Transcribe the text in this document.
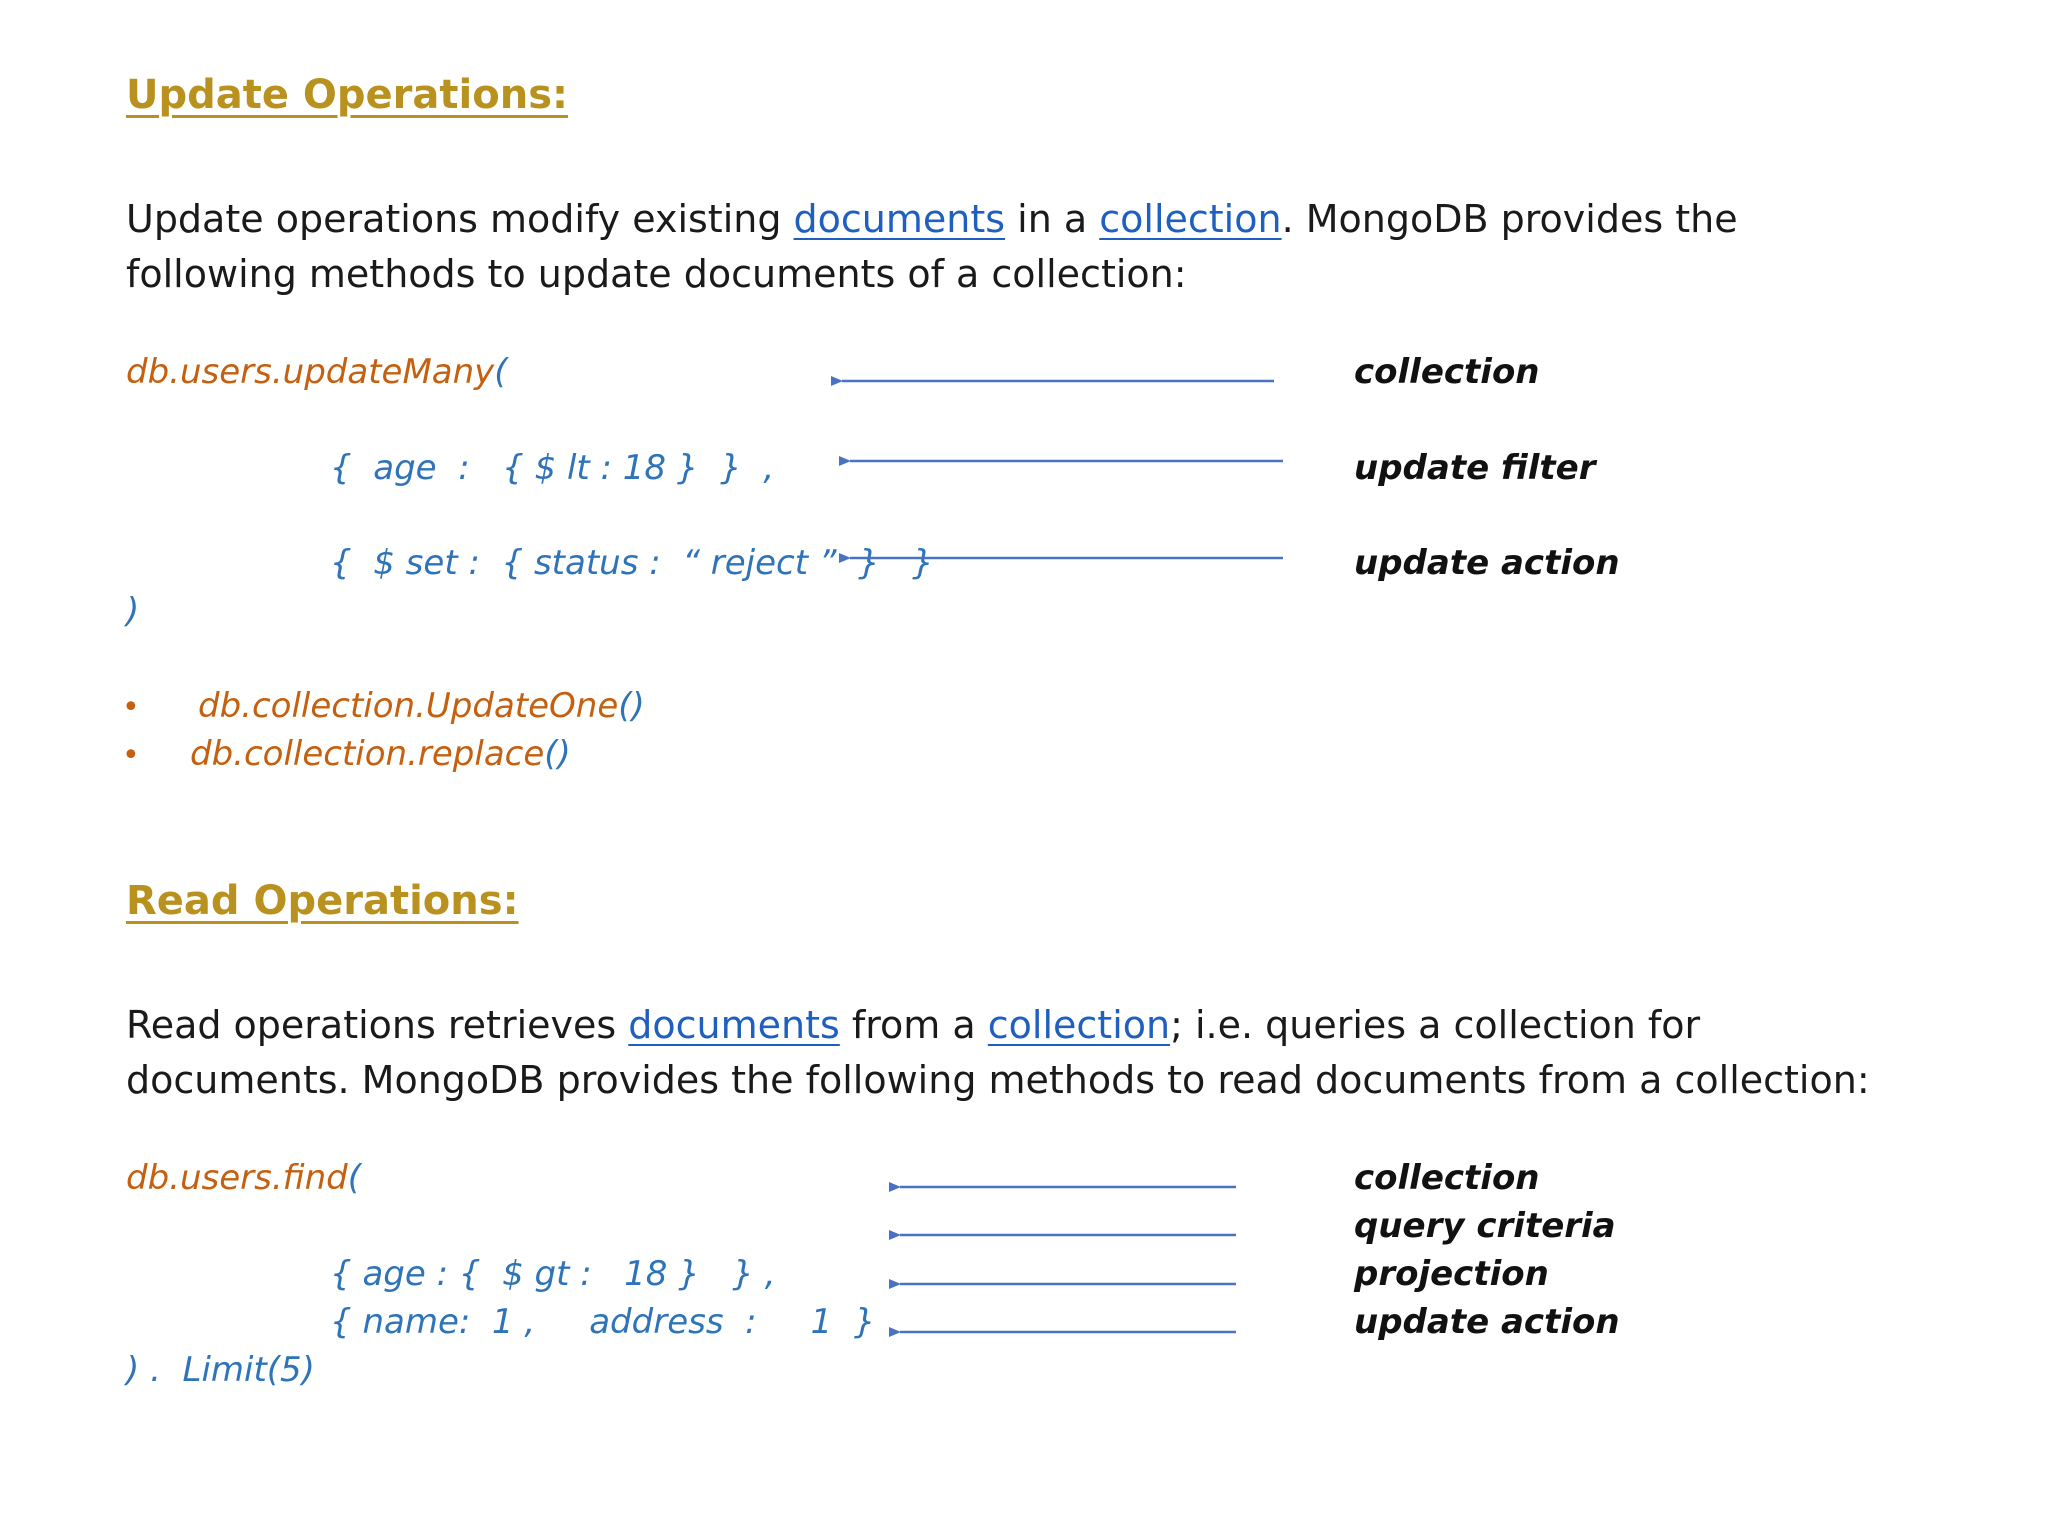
Update Operations:
Update operations modify existing documents in a collection. MongoDB provides the
following methods to update documents of a collection:
db.users.updateMany(
{  age  :   { $ lt : 18 }  }  ,
{  $ set :  { status :  “ reject ”  }   }
)
collection
update filter
update action
• db.collection.UpdateOne()
• db.collection.replace()
Read Operations:
Read operations retrieves documents from a collection; i.e. queries a collection for
documents. MongoDB provides the following methods to read documents from a collection:
db.users.find(
{ age : {  $ gt :   18 }   } ,
{ name:  1 ,     address  :     1  }
) .  Limit(5)
collection
query criteria
projection
update action
